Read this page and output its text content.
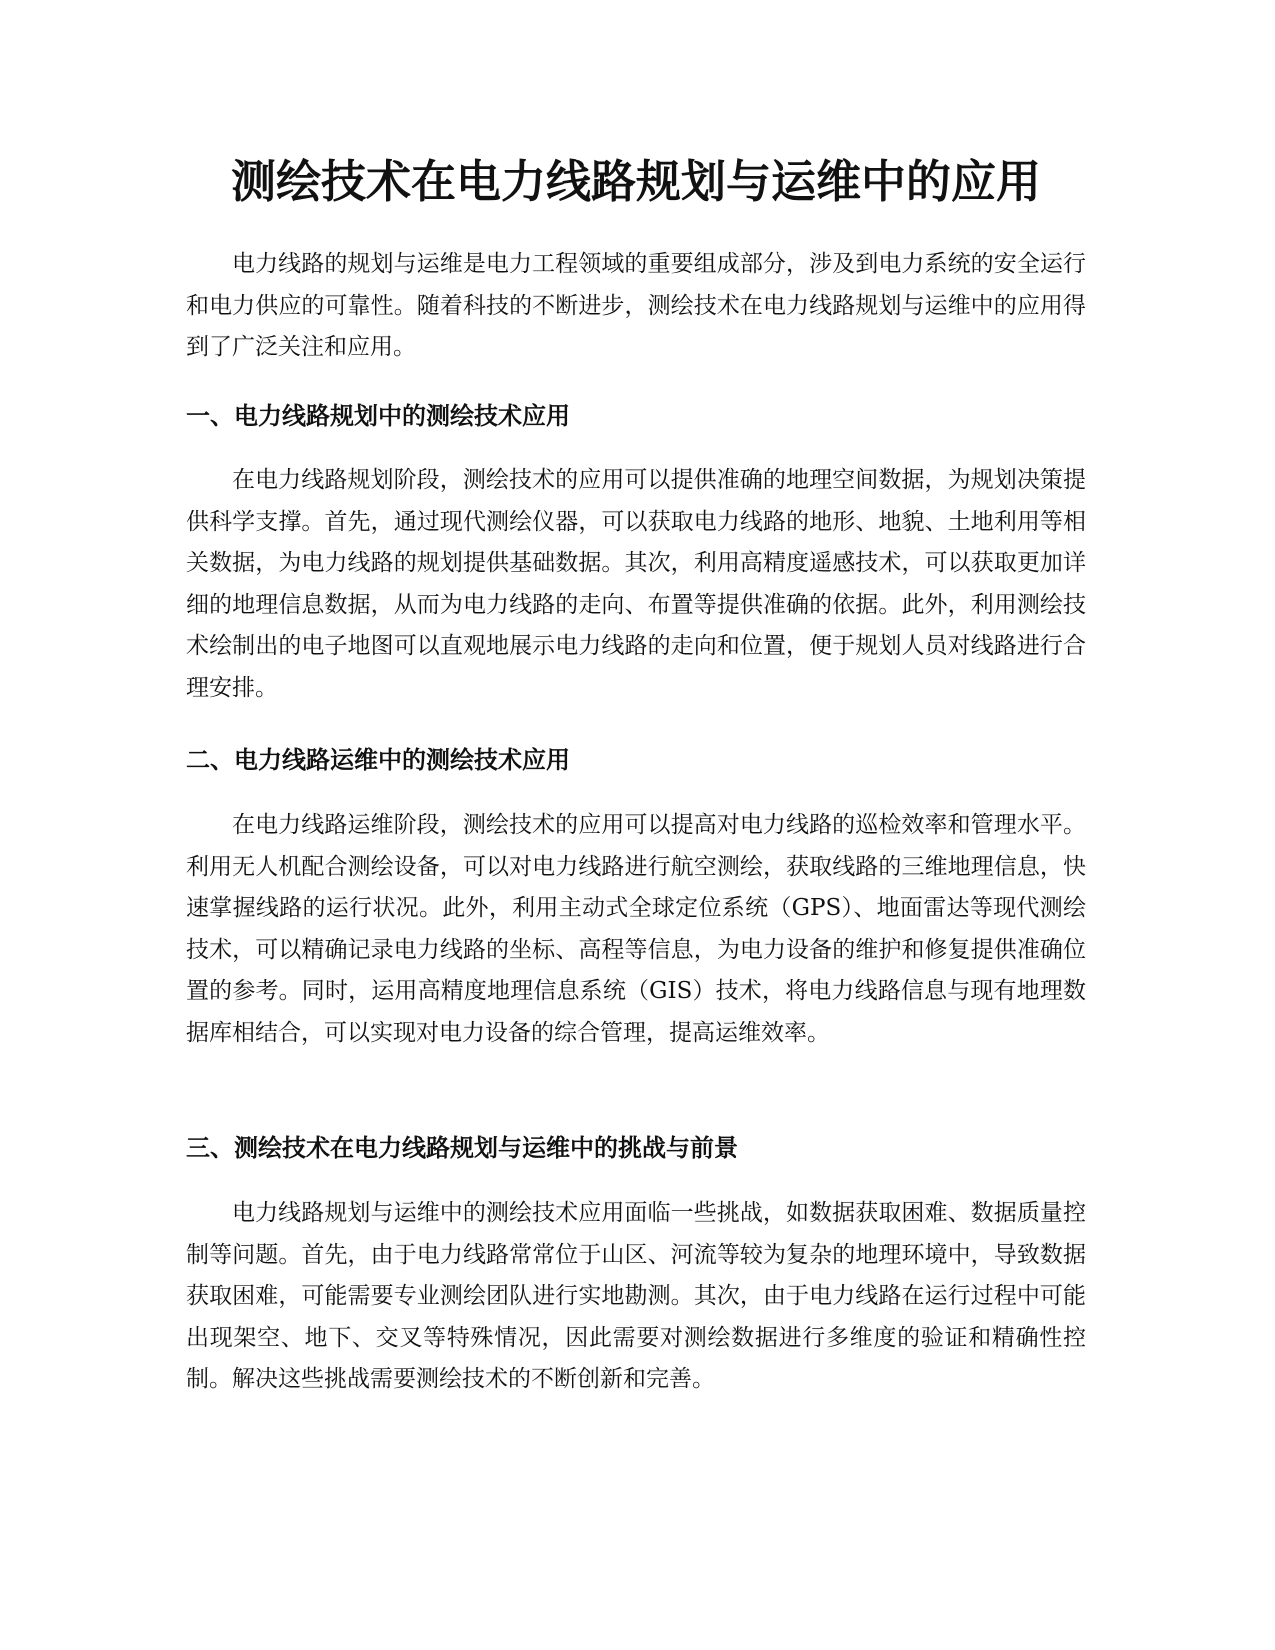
测绘技术在电力线路规划与运维中的应用

电力线路的规划与运维是电力工程领域的重要组成部分，涉及到电力系统的安全运行和电力供应的可靠性。随着科技的不断进步，测绘技术在电力线路规划与运维中的应用得到了广泛关注和应用。

一、电力线路规划中的测绘技术应用

在电力线路规划阶段，测绘技术的应用可以提供准确的地理空间数据，为规划决策提供科学支撑。首先，通过现代测绘仪器，可以获取电力线路的地形、地貌、土地利用等相关数据，为电力线路的规划提供基础数据。其次，利用高精度遥感技术，可以获取更加详细的地理信息数据，从而为电力线路的走向、布置等提供准确的依据。此外，利用测绘技术绘制出的电子地图可以直观地展示电力线路的走向和位置，便于规划人员对线路进行合理安排。

二、电力线路运维中的测绘技术应用

在电力线路运维阶段，测绘技术的应用可以提高对电力线路的巡检效率和管理水平。利用无人机配合测绘设备，可以对电力线路进行航空测绘，获取线路的三维地理信息，快速掌握线路的运行状况。此外，利用主动式全球定位系统（GPS）、地面雷达等现代测绘技术，可以精确记录电力线路的坐标、高程等信息，为电力设备的维护和修复提供准确位置的参考。同时，运用高精度地理信息系统（GIS）技术，将电力线路信息与现有地理数据库相结合，可以实现对电力设备的综合管理，提高运维效率。

三、测绘技术在电力线路规划与运维中的挑战与前景

电力线路规划与运维中的测绘技术应用面临一些挑战，如数据获取困难、数据质量控制等问题。首先，由于电力线路常常位于山区、河流等较为复杂的地理环境中，导致数据获取困难，可能需要专业测绘团队进行实地勘测。其次，由于电力线路在运行过程中可能出现架空、地下、交叉等特殊情况，因此需要对测绘数据进行多维度的验证和精确性控制。解决这些挑战需要测绘技术的不断创新和完善。
